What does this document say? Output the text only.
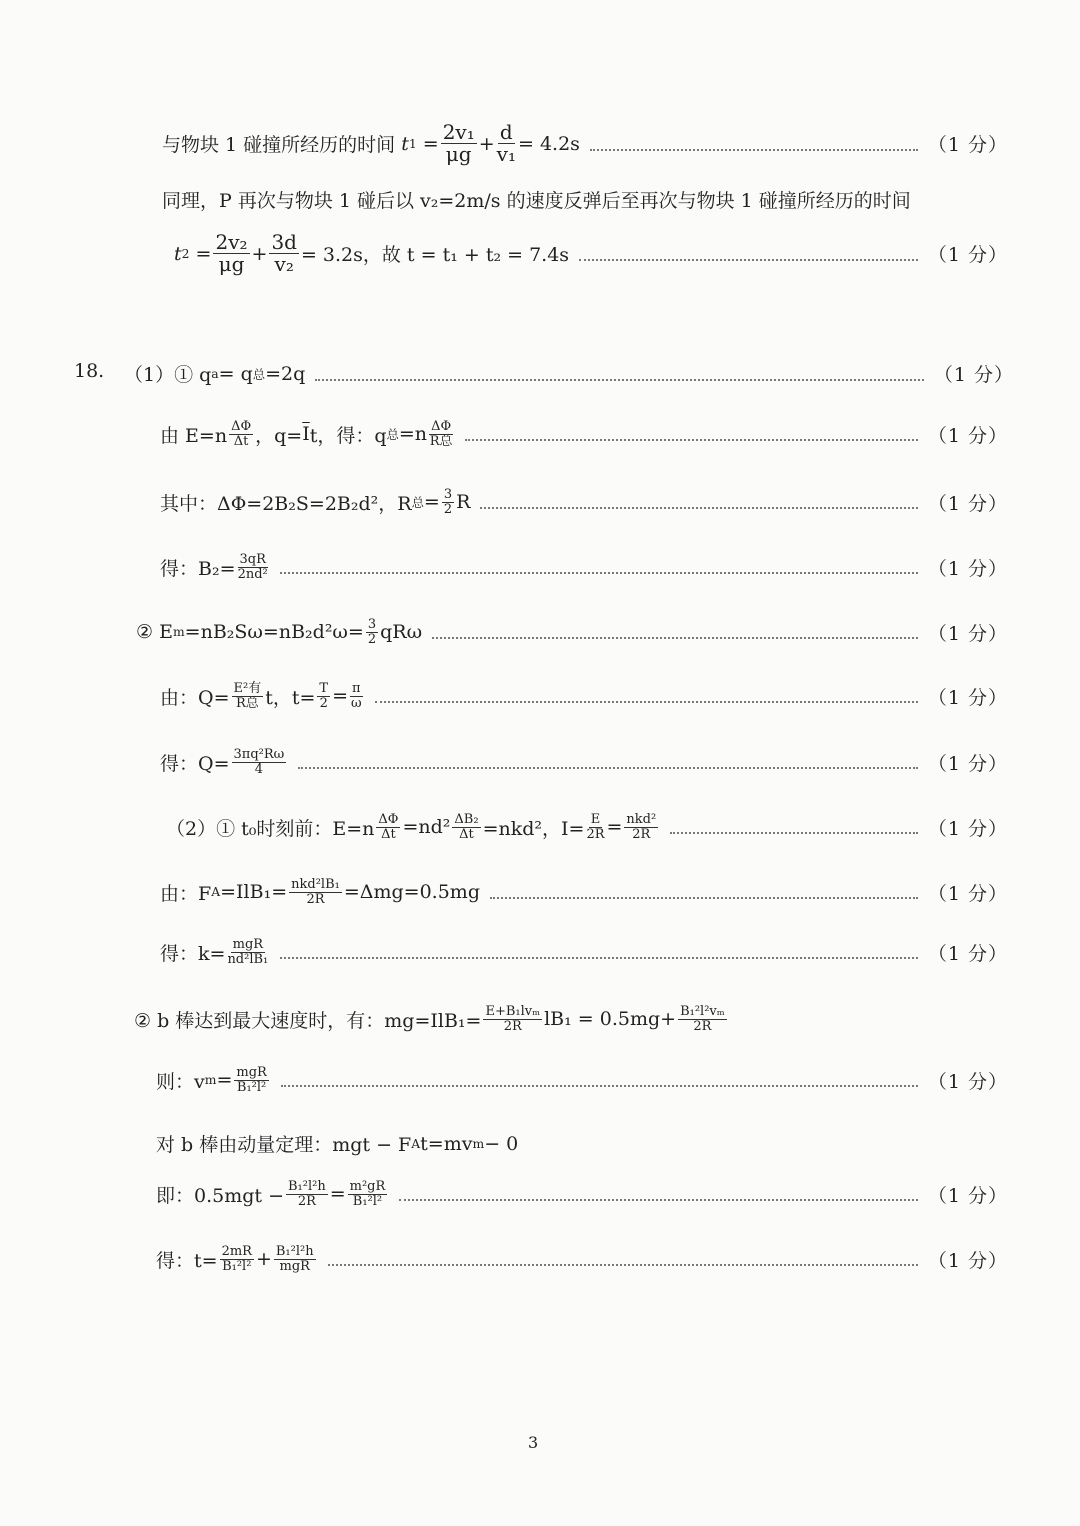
与物块 1 碰撞所经历的时间 t $1 = \frac{\text{2v₁}}{\mu g} + \frac{d}{\text{v₁}} = 4.2s$	（1 分）
同理，P 再次与物块 1 碰后以 v₂=2m/s 的速度反弹后至再次与物块 1 碰撞所经历的时间
t $2 = \frac{\text{2v₂}}{\mu g} + \frac{3d}{\text{v₂}} = 3.2s$，故 t = t₁ + t₂ = 7.4s	（1 分）
18. （1）① q a = q 总 =2q	（1 分）
由 $E=n \frac{\Delta\Phi}{\Delta t}$ ，$q= \overline{I}$ t，得：q 总 $=n \frac{\Delta\Phi}{\text{R总}}$	（1 分）
其中：ΔΦ=2B₂S=2B₂d²，R 总 = $\frac{3}{2}$ R	（1 分）
得：$B_2= \frac{3qR}{\text{2nd²}}$	（1 分）
② E $m =nB_2S\omega=nB_2d^2\omega= \frac{3}{2}$ qRω	（1 分）
由：$Q= \frac{\text{E²有}}{\text{R总}}$ t，$t= \frac{T}{2} = \frac{\pi}{\omega}$	（1 分）
得：$Q= \frac{\text{3πq²Rω}}{4}$	（1 分）
（2）① t₀时刻前：$E=n \frac{\Delta\Phi}{\Delta t} =nd^2 \frac{\text{ΔB₂}}{\Delta t} =nkd^2$，$I= \frac{E}{2R} = \frac{\text{nkd²}}{2R}$	（1 分）
由：F $A =IlB_1= \frac{\text{nkd²lB₁}}{2R} =\Delta mg=0.5mg$	（1 分）
得：$k= \frac{\text{mgR}}{\text{nd²lB₁}}$	（1 分）
② b 棒达到最大速度时，有：$mg=IlB_1= \frac{\text{E+B₁lvₘ}}{2R} lB_1 = 0.5mg+ \frac{\text{B₁²l²vₘ}}{2R}$
则：v $m = \frac{\text{mgR}}{\text{B₁²l²}}$	（1 分）
对 b 棒由动量定理：mgt − F A t=mv m − 0
即：$0.5mgt - \frac{\text{B₁²l²h}}{2R} = \frac{\text{m²gR}}{\text{B₁²l²}}$	（1 分）
得：$t= \frac{2mR}{\text{B₁²l²}} + \frac{\text{B₁²l²h}}{\text{mgR}}$	（1 分）
3
